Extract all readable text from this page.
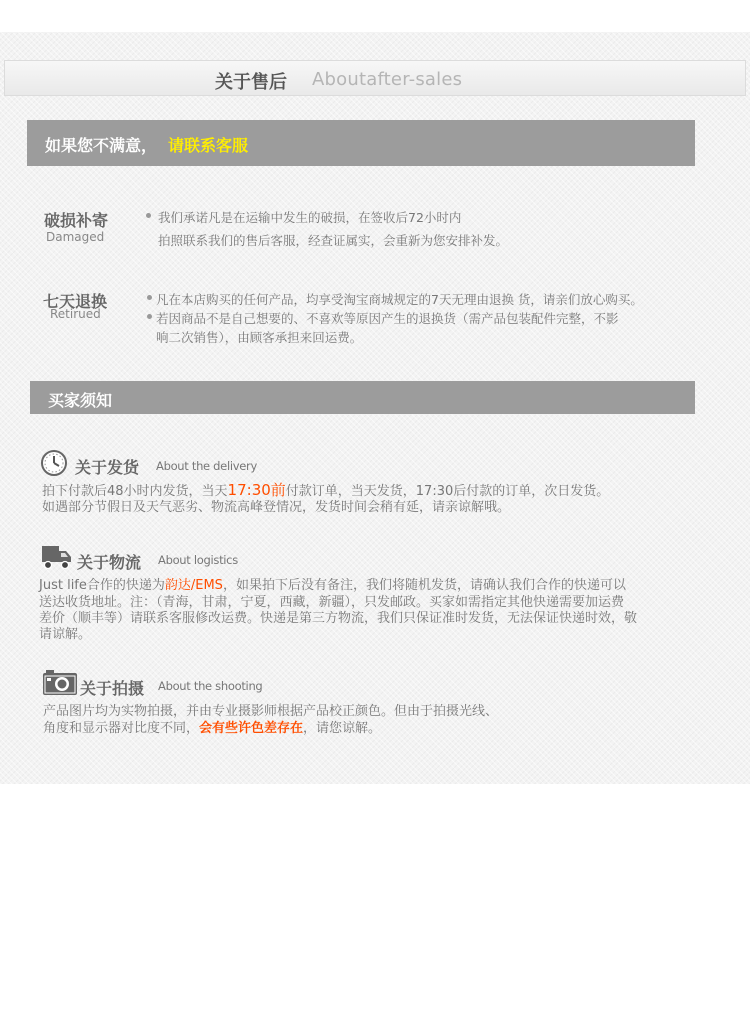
关于售后 Aboutafter-sales
如果您不满意， 请联系客服
破损补寄
Damaged
我们承诺凡是在运输中发生的破损，在签收后72小时内
拍照联系我们的售后客服，经查证属实，会重新为您安排补发。
七天退换
Retirued
凡在本店购买的任何产品，均享受淘宝商城规定的7天无理由退换 货，请亲们放心购买。
若因商品不是自己想要的、不喜欢等原因产生的退换货（需产品包装配件完整，不影
响二次销售），由顾客承担来回运费。
买家须知
关于发货 About the delivery
拍下付款后48小时内发货，当天17:30前付款订单，当天发货，17:30后付款的订单，次日发货。
如遇部分节假日及天气恶劣、物流高峰登情况，发货时间会稍有延，请亲谅解哦。
关于物流 About logistics
Just life合作的快递为韵达/EMS，如果拍下后没有备注，我们将随机发货，请确认我们合作的快递可以
送达收货地址。注：（青海，甘肃，宁夏，西藏，新疆），只发邮政。买家如需指定其他快递需要加运费
差价（顺丰等）请联系客服修改运费。快递是第三方物流，我们只保证准时发货，无法保证快递时效，敬
请谅解。
关于拍摄 About the shooting
产品图片均为实物拍摄，并由专业摄影师根据产品校正颜色。但由于拍摄光线、
角度和显示器对比度不同，会有些许色差存在，请您谅解。
